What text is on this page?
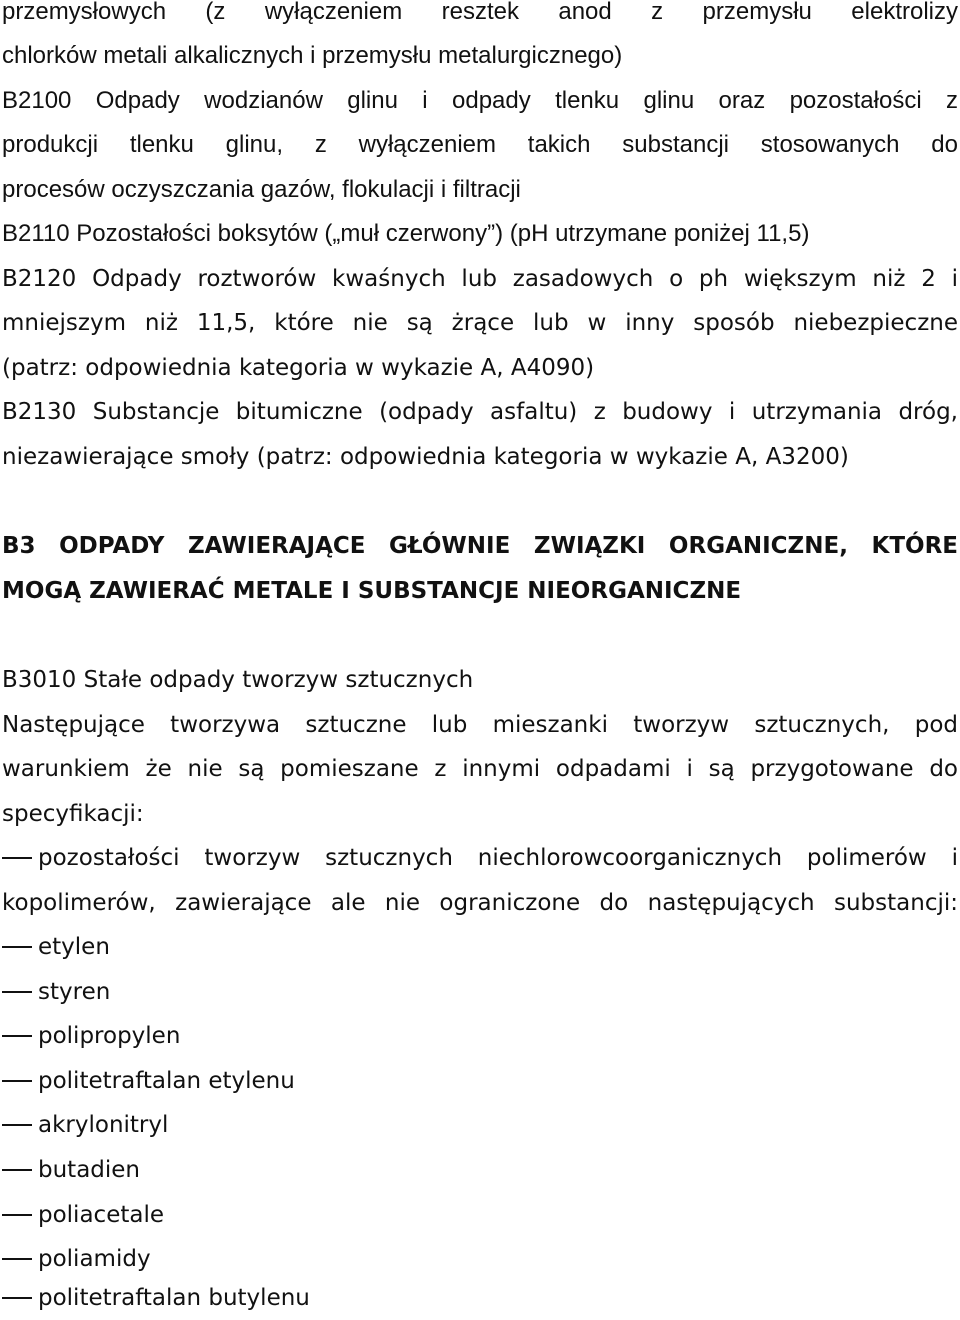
przemysłowych (z wyłączeniem resztek anod z przemysłu elektrolizy
chlorków metali alkalicznych i przemysłu metalurgicznego)
B2100 Odpady wodzianów glinu i odpady tlenku glinu oraz pozostałości z
produkcji tlenku glinu, z wyłączeniem takich substancji stosowanych do
procesów oczyszczania gazów, flokulacji i filtracji
B2110 Pozostałości boksytów („muł czerwony”) (pH utrzymane poniżej 11,5)
B2120 Odpady roztworów kwaśnych lub zasadowych o ph większym niż 2 i
mniejszym niż 11,5, które nie są żrące lub w inny sposób niebezpieczne
(patrz: odpowiednia kategoria w wykazie A, A4090)
B2130 Substancje bitumiczne (odpady asfaltu) z budowy i utrzymania dróg,
niezawierające smoły (patrz: odpowiednia kategoria w wykazie A, A3200)
B3 ODPADY ZAWIERAJĄCE GŁÓWNIE ZWIĄZKI ORGANICZNE, KTÓRE
MOGĄ ZAWIERAĆ METALE I SUBSTANCJE NIEORGANICZNE
B3010 Stałe odpady tworzyw sztucznych
Następujące tworzywa sztuczne lub mieszanki tworzyw sztucznych, pod
warunkiem że nie są pomieszane z innymi odpadami i są przygotowane do
specyfikacji:
pozostałości tworzyw sztucznych niechlorowcoorganicznych polimerów i
kopolimerów, zawierające ale nie ograniczone do następujących substancji:
etylen
styren
polipropylen
politetraftalan etylenu
akrylonitryl
butadien
poliacetale
poliamidy
politetraftalan butylenu
